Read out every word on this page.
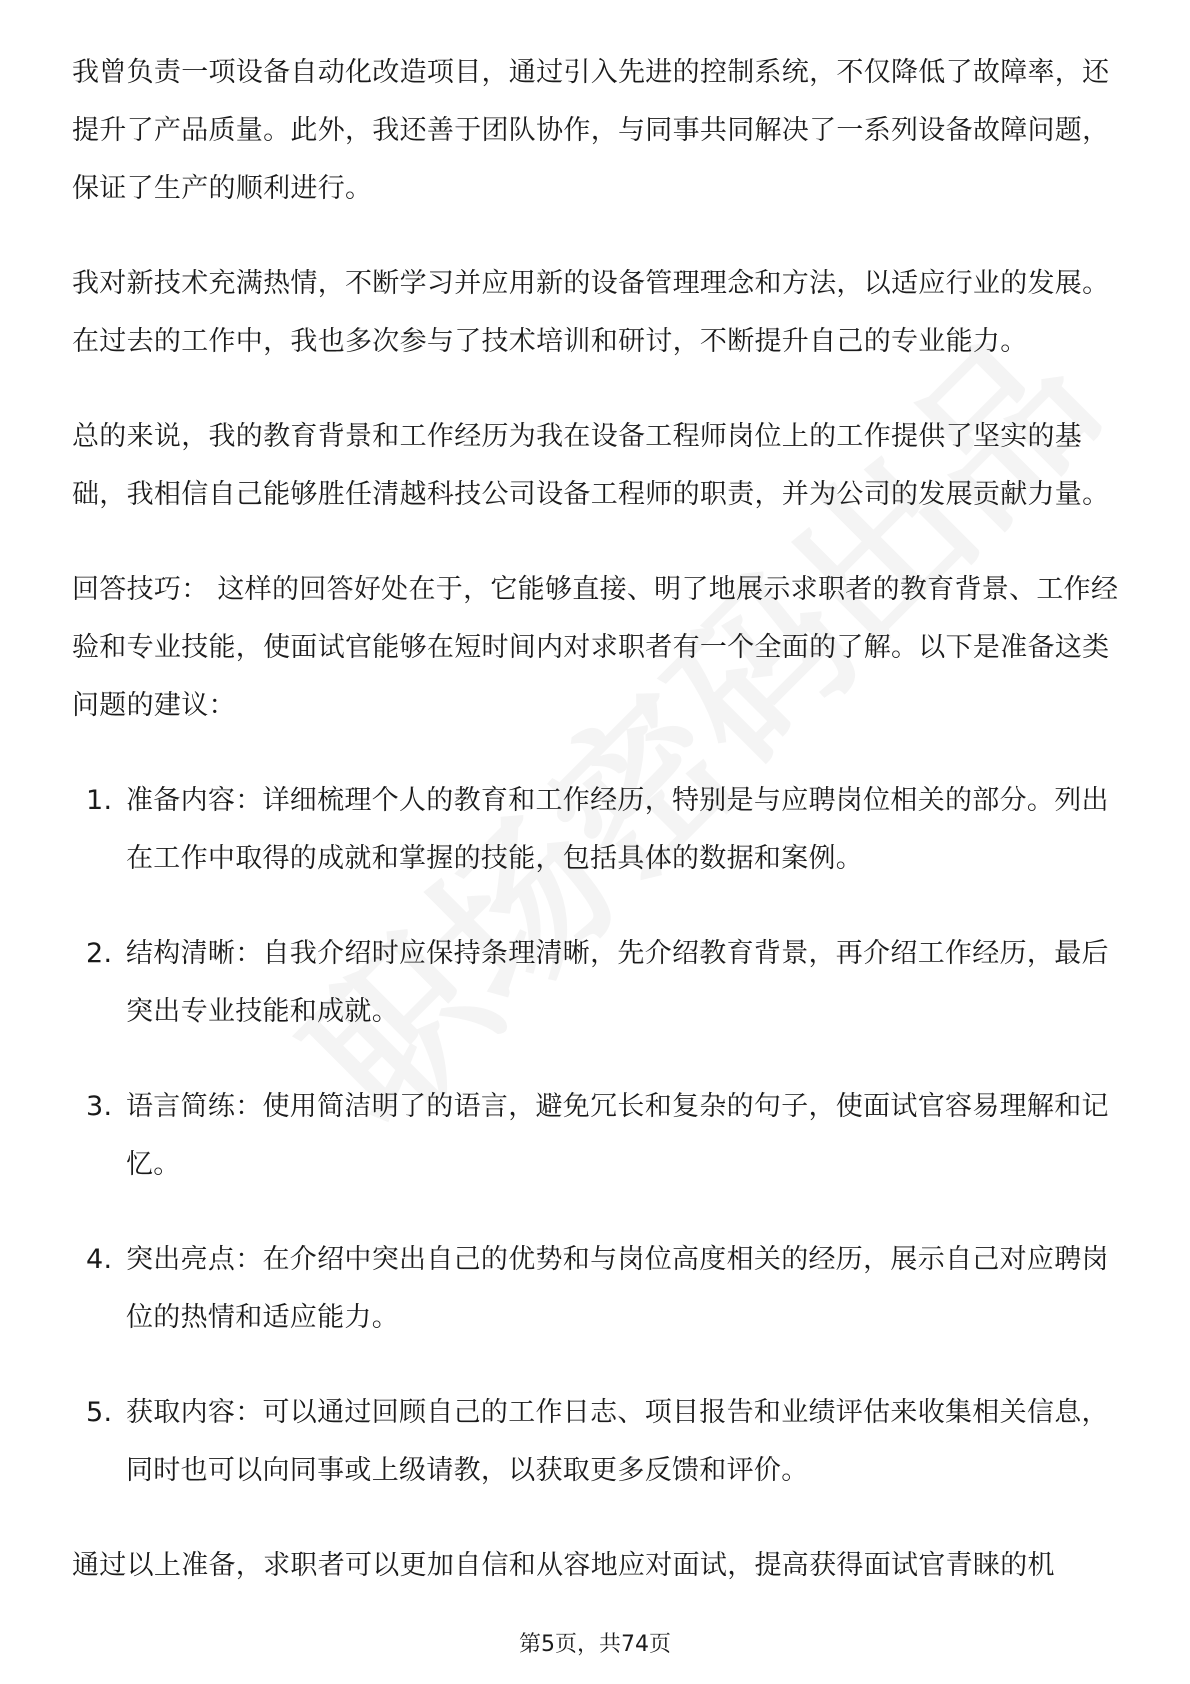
我曾负责一项设备自动化改造项目，通过引入先进的控制系统，不仅降低了故障率，还提升了产品质量。此外，我还善于团队协作，与同事共同解决了一系列设备故障问题，保证了生产的顺利进行。

我对新技术充满热情，不断学习并应用新的设备管理理念和方法，以适应行业的发展。在过去的工作中，我也多次参与了技术培训和研讨，不断提升自己的专业能力。

总的来说，我的教育背景和工作经历为我在设备工程师岗位上的工作提供了坚实的基础，我相信自己能够胜任清越科技公司设备工程师的职责，并为公司的发展贡献力量。

回答技巧： 这样的回答好处在于，它能够直接、明了地展示求职者的教育背景、工作经验和专业技能，使面试官能够在短时间内对求职者有一个全面的了解。以下是准备这类问题的建议：

1. 准备内容：详细梳理个人的教育和工作经历，特别是与应聘岗位相关的部分。列出在工作中取得的成就和掌握的技能，包括具体的数据和案例。
2. 结构清晰：自我介绍时应保持条理清晰，先介绍教育背景，再介绍工作经历，最后突出专业技能和成就。
3. 语言简练：使用简洁明了的语言，避免冗长和复杂的句子，使面试官容易理解和记忆。
4. 突出亮点：在介绍中突出自己的优势和与岗位高度相关的经历，展示自己对应聘岗位的热情和适应能力。
5. 获取内容：可以通过回顾自己的工作日志、项目报告和业绩评估来收集相关信息，同时也可以向同事或上级请教，以获取更多反馈和评价。

通过以上准备，求职者可以更加自信和从容地应对面试，提高获得面试官青睐的机

第5页，共74页
